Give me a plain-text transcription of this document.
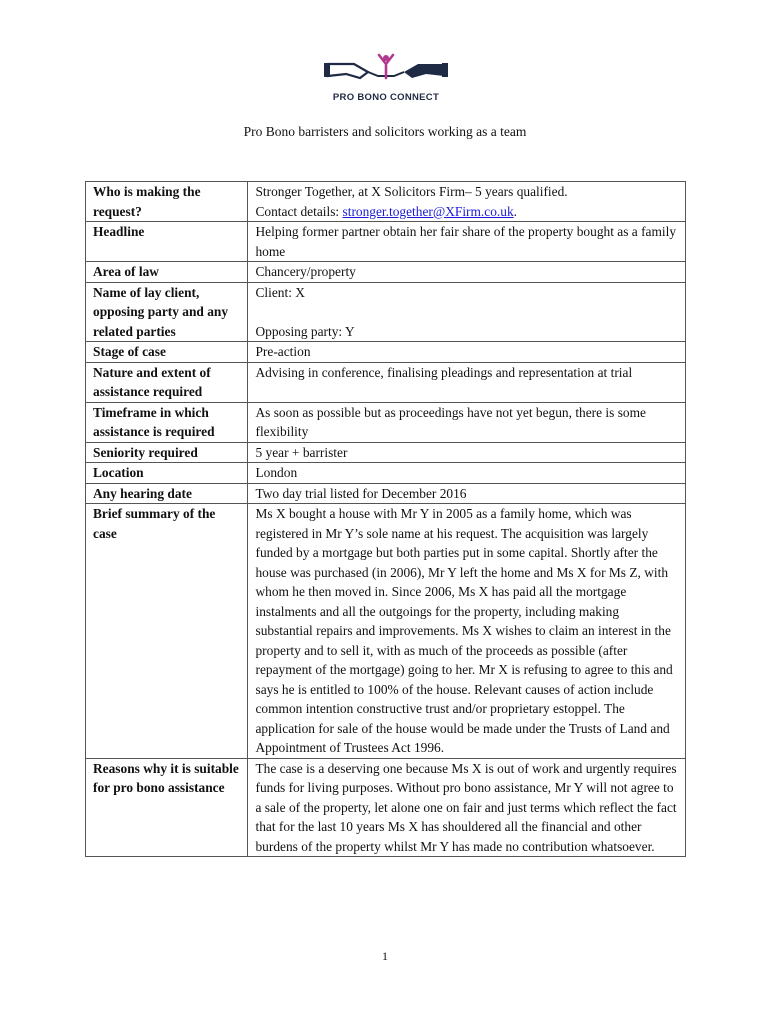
PRO BONO CONNECT
Pro Bono barristers and solicitors working as a team
Who is making the request?	Stronger Together, at X Solicitors Firm– 5 years qualified.
Contact details: stronger.together@XFirm.co.uk.
Headline	Helping former partner obtain her fair share of the property bought as a family home
Area of law	Chancery/property
Name of lay client, opposing party and any related parties	Client: X
Opposing party: Y
Stage of case	Pre-action
Nature and extent of assistance required	Advising in conference, finalising pleadings and representation at trial
Timeframe in which assistance is required	As soon as possible but as proceedings have not yet begun, there is some flexibility
Seniority required	5 year + barrister
Location	London
Any hearing date	Two day trial listed for December 2016
Brief summary of the case	Ms X bought a house with Mr Y in 2005 as a family home, which was registered in Mr Y’s sole name at his request. The acquisition was largely funded by a mortgage but both parties put in some capital. Shortly after the house was purchased (in 2006), Mr Y left the home and Ms X for Ms Z, with whom he then moved in. Since 2006, Ms X has paid all the mortgage instalments and all the outgoings for the property, including making substantial repairs and improvements. Ms X wishes to claim an interest in the property and to sell it, with as much of the proceeds as possible (after repayment of the mortgage) going to her. Mr X is refusing to agree to this and says he is entitled to 100% of the house. Relevant causes of action include common intention constructive trust and/or proprietary estoppel. The application for sale of the house would be made under the Trusts of Land and Appointment of Trustees Act 1996.
Reasons why it is suitable for pro bono assistance	The case is a deserving one because Ms X is out of work and urgently requires funds for living purposes. Without pro bono assistance, Mr Y will not agree to a sale of the property, let alone one on fair and just terms which reflect the fact that for the last 10 years Ms X has shouldered all the financial and other burdens of the property whilst Mr Y has made no contribution whatsoever.
1
